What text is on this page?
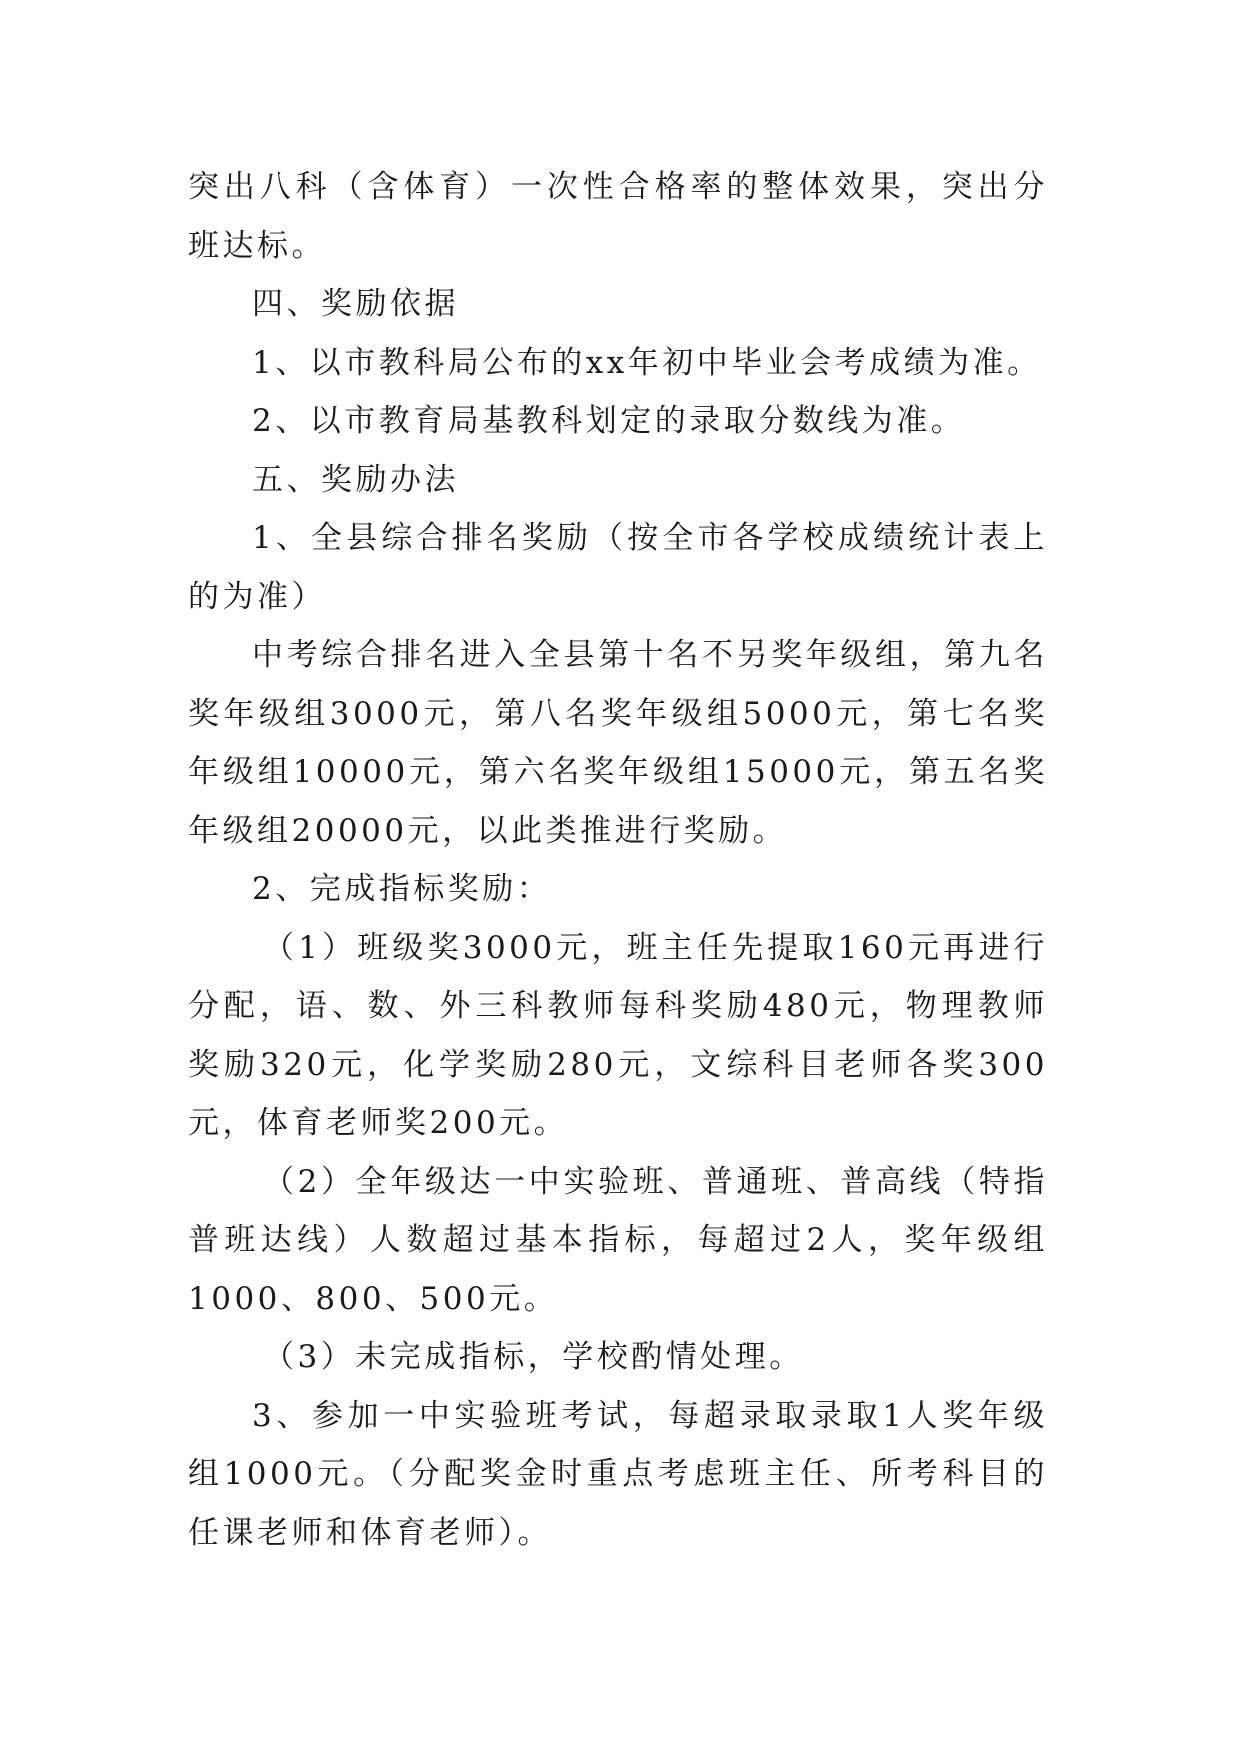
突出八科（含体育）一次性合格率的整体效果，突出分班达标。

四、奖励依据

1、以市教科局公布的xx年初中毕业会考成绩为准。

2、以市教育局基教科划定的录取分数线为准。

五、奖励办法

1、全县综合排名奖励（按全市各学校成绩统计表上的为准）

中考综合排名进入全县第十名不另奖年级组，第九名奖年级组3000元，第八名奖年级组5000元，第七名奖年级组10000元，第六名奖年级组15000元，第五名奖年级组20000元，以此类推进行奖励。

2、完成指标奖励：

（1）班级奖3000元，班主任先提取160元再进行分配，语、数、外三科教师每科奖励480元，物理教师奖励320元，化学奖励280元，文综科目老师各奖300元，体育老师奖200元。

（2）全年级达一中实验班、普通班、普高线（特指普班达线）人数超过基本指标，每超过2人，奖年级组1000、800、500元。

（3）未完成指标，学校酌情处理。

3、参加一中实验班考试，每超录取录取1人奖年级组1000元。（分配奖金时重点考虑班主任、所考科目的任课老师和体育老师）。
